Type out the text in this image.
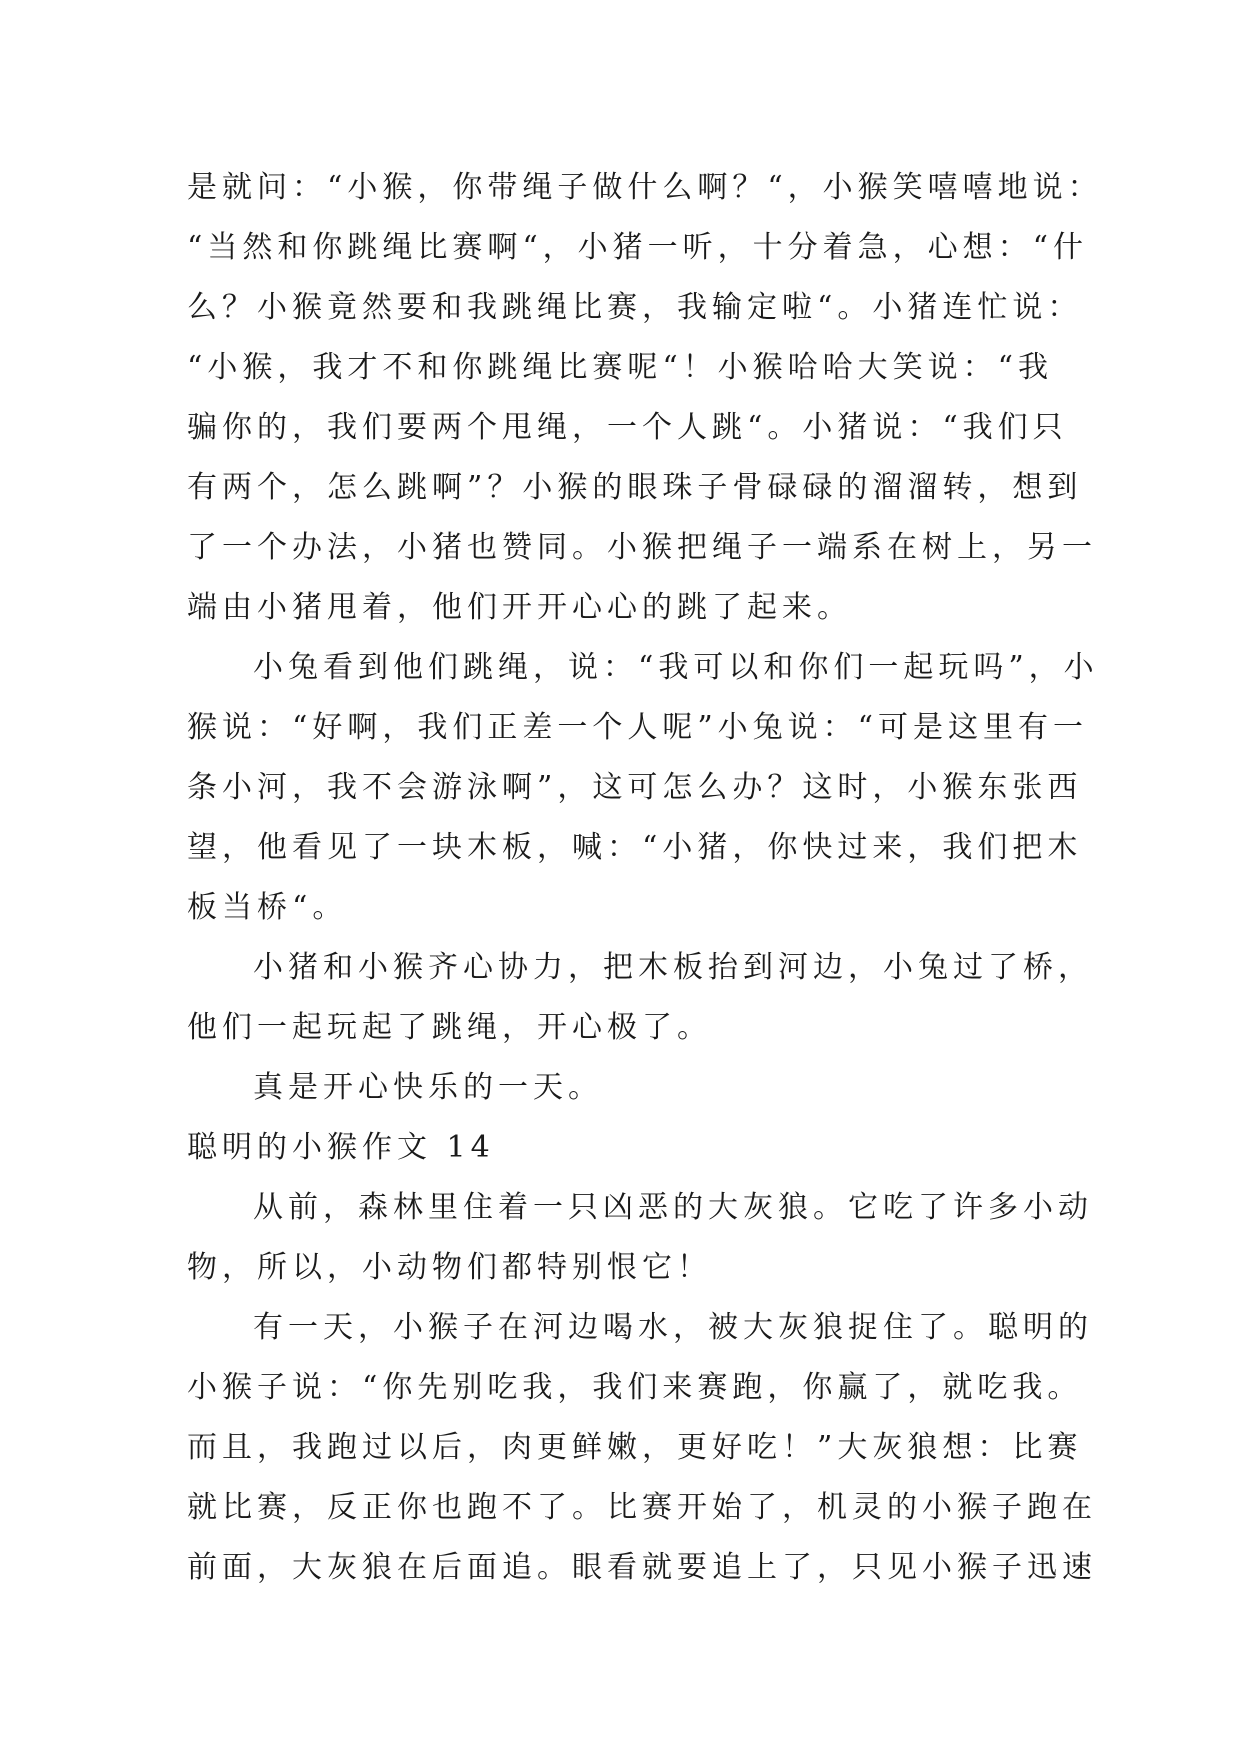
是就问：“小猴，你带绳子做什么啊？“，小猴笑嘻嘻地说：
“当然和你跳绳比赛啊“，小猪一听，十分着急，心想：“什
么？小猴竟然要和我跳绳比赛，我输定啦“。小猪连忙说：
“小猴，我才不和你跳绳比赛呢“！小猴哈哈大笑说：“我
骗你的，我们要两个甩绳，一个人跳“。小猪说：“我们只
有两个，怎么跳啊”？小猴的眼珠子骨碌碌的溜溜转，想到
了一个办法，小猪也赞同。小猴把绳子一端系在树上，另一
端由小猪甩着，他们开开心心的跳了起来。
小兔看到他们跳绳，说：“我可以和你们一起玩吗”，小
猴说：“好啊，我们正差一个人呢”小兔说：“可是这里有一
条小河，我不会游泳啊”，这可怎么办？这时，小猴东张西
望，他看见了一块木板，喊：“小猪，你快过来，我们把木
板当桥“。
小猪和小猴齐心协力，把木板抬到河边，小兔过了桥，
他们一起玩起了跳绳，开心极了。
真是开心快乐的一天。
聪明的小猴作文 14
从前，森林里住着一只凶恶的大灰狼。它吃了许多小动
物，所以，小动物们都特别恨它！
有一天，小猴子在河边喝水，被大灰狼捉住了。聪明的
小猴子说：“你先别吃我，我们来赛跑，你赢了，就吃我。
而且，我跑过以后，肉更鲜嫩，更好吃！”大灰狼想：比赛
就比赛，反正你也跑不了。比赛开始了，机灵的小猴子跑在
前面，大灰狼在后面追。眼看就要追上了，只见小猴子迅速
